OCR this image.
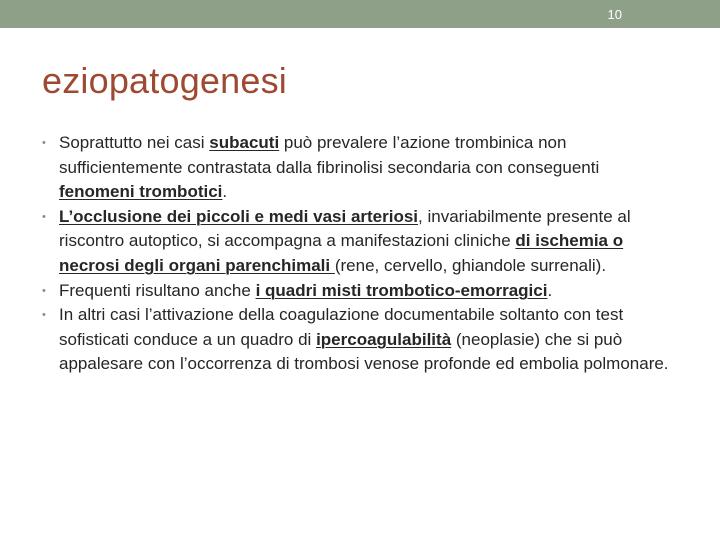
10
eziopatogenesi
• Soprattutto nei casi subacuti può prevalere l’azione trombinica non sufficientemente contrastata dalla fibrinolisi secondaria con conseguenti fenomeni trombotici.
• L’occlusione dei piccoli e medi vasi arteriosi, invariabilmente presente al riscontro autoptico, si accompagna a manifestazioni cliniche di ischemia o necrosi degli organi parenchimali (rene, cervello, ghiandole surrenali).
• Frequenti risultano anche i quadri misti trombotico-emorragici.
• In altri casi l’attivazione della coagulazione documentabile soltanto con test sofisticati conduce a un quadro di ipercoagulabilità (neoplasie) che si può appalesare con l’occorrenza di trombosi venose profonde ed embolia polmonare.
